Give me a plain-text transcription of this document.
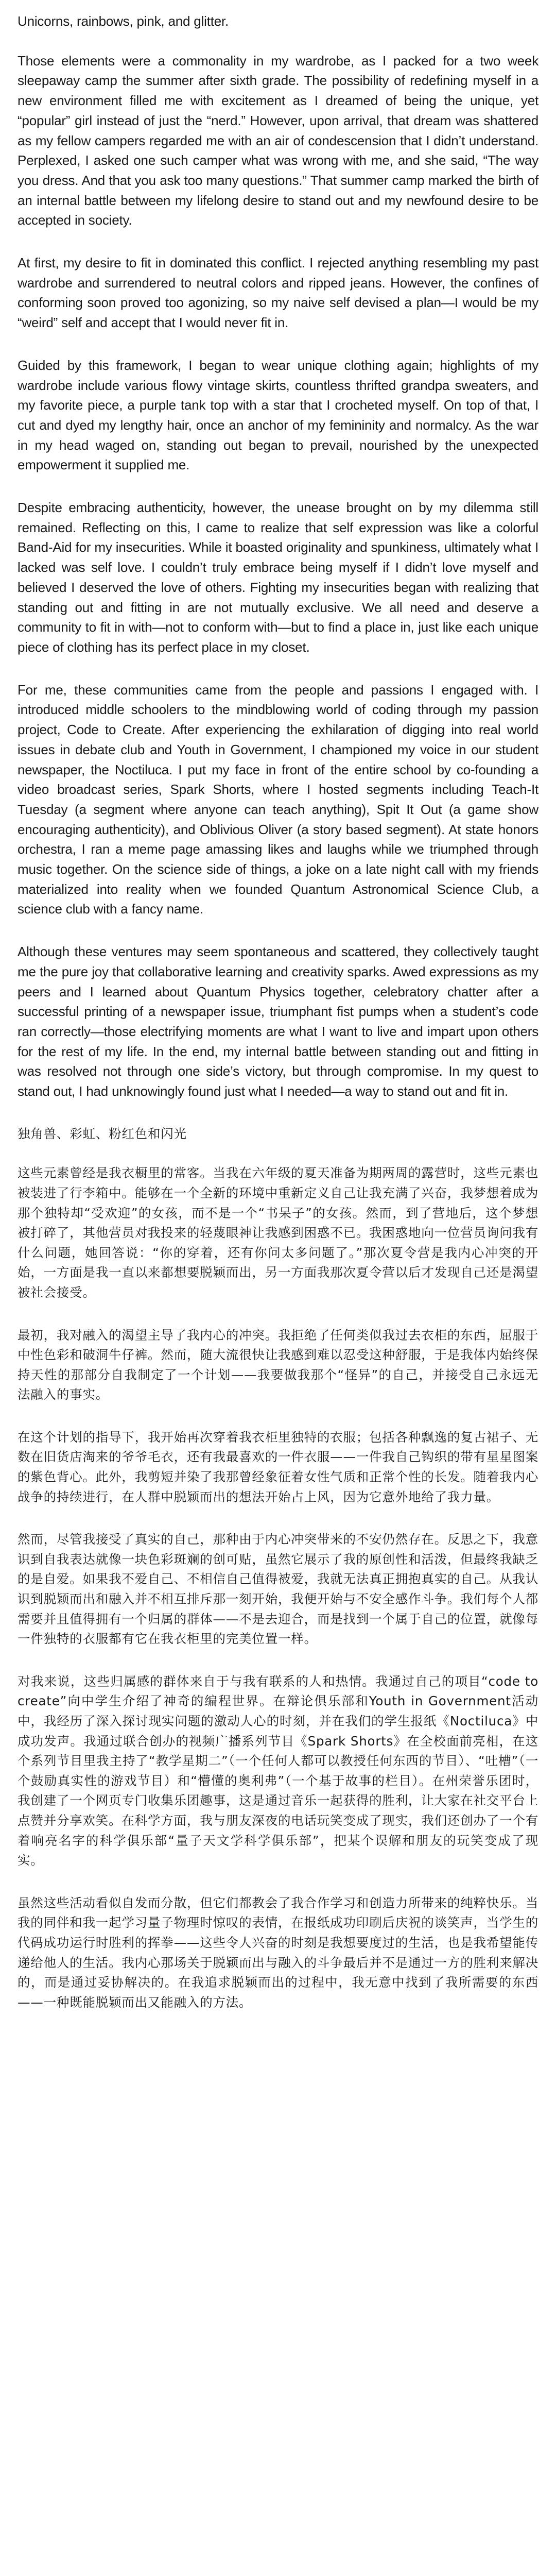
Unicorns, rainbows, pink, and glitter.

Those elements were a commonality in my wardrobe, as I packed for a two week sleepaway camp the summer after sixth grade. The possibility of redefining myself in a new environment filled me with excitement as I dreamed of being the unique, yet “popular” girl instead of just the “nerd.” However, upon arrival, that dream was shattered as my fellow campers regarded me with an air of condescension that I didn’t understand. Perplexed, I asked one such camper what was wrong with me, and she said, “The way you dress. And that you ask too many questions.” That summer camp marked the birth of an internal battle between my lifelong desire to stand out and my newfound desire to be accepted in society.

At first, my desire to fit in dominated this conflict. I rejected anything resembling my past wardrobe and surrendered to neutral colors and ripped jeans. However, the confines of conforming soon proved too agonizing, so my naive self devised a plan—I would be my “weird” self and accept that I would never fit in.

Guided by this framework, I began to wear unique clothing again; highlights of my wardrobe include various flowy vintage skirts, countless thrifted grandpa sweaters, and my favorite piece, a purple tank top with a star that I crocheted myself. On top of that, I cut and dyed my lengthy hair, once an anchor of my femininity and normalcy. As the war in my head waged on, standing out began to prevail, nourished by the unexpected empowerment it supplied me.

Despite embracing authenticity, however, the unease brought on by my dilemma still remained. Reflecting on this, I came to realize that self expression was like a colorful Band-Aid for my insecurities. While it boasted originality and spunkiness, ultimately what I lacked was self love. I couldn’t truly embrace being myself if I didn’t love myself and believed I deserved the love of others. Fighting my insecurities began with realizing that standing out and fitting in are not mutually exclusive. We all need and deserve a community to fit in with—not to conform with—but to find a place in, just like each unique piece of clothing has its perfect place in my closet.

For me, these communities came from the people and passions I engaged with. I introduced middle schoolers to the mindblowing world of coding through my passion project, Code to Create. After experiencing the exhilaration of digging into real world issues in debate club and Youth in Government, I championed my voice in our student newspaper, the Noctiluca. I put my face in front of the entire school by co-founding a video broadcast series, Spark Shorts, where I hosted segments including Teach-It Tuesday (a segment where anyone can teach anything), Spit It Out (a game show encouraging authenticity), and Oblivious Oliver (a story based segment). At state honors orchestra, I ran a meme page amassing likes and laughs while we triumphed through music together. On the science side of things, a joke on a late night call with my friends materialized into reality when we founded Quantum Astronomical Science Club, a science club with a fancy name.

Although these ventures may seem spontaneous and scattered, they collectively taught me the pure joy that collaborative learning and creativity sparks. Awed expressions as my peers and I learned about Quantum Physics together, celebratory chatter after a successful printing of a newspaper issue, triumphant fist pumps when a student’s code ran correctly—those electrifying moments are what I want to live and impart upon others for the rest of my life. In the end, my internal battle between standing out and fitting in was resolved not through one side’s victory, but through compromise. In my quest to stand out, I had unknowingly found just what I needed—a way to stand out and fit in.

独角兽、彩虹、粉红色和闪光

这些元素曾经是我衣橱里的常客。当我在六年级的夏天准备为期两周的露营时，这些元素也被装进了行李箱中。能够在一个全新的环境中重新定义自己让我充满了兴奋，我梦想着成为那个独特却“受欢迎”的女孩，而不是一个“书呆子”的女孩。然而，到了营地后，这个梦想被打碎了，其他营员对我投来的轻蔑眼神让我感到困惑不已。我困惑地向一位营员询问我有什么问题，她回答说：“你的穿着，还有你问太多问题了。”那次夏令营是我内心冲突的开始，一方面是我一直以来都想要脱颖而出，另一方面我那次夏令营以后才发现自己还是渴望被社会接受。

最初，我对融入的渴望主导了我内心的冲突。我拒绝了任何类似我过去衣柜的东西，屈服于中性色彩和破洞牛仔裤。然而，随大流很快让我感到难以忍受这种舒服，于是我体内始终保持天性的那部分自我制定了一个计划——我要做我那个“怪异”的自己，并接受自己永远无法融入的事实。

在这个计划的指导下，我开始再次穿着我衣柜里独特的衣服；包括各种飘逸的复古裙子、无数在旧货店淘来的爷爷毛衣，还有我最喜欢的一件衣服——一件我自己钩织的带有星星图案的紫色背心。此外，我剪短并染了我那曾经象征着女性气质和正常个性的长发。随着我内心战争的持续进行，在人群中脱颖而出的想法开始占上风，因为它意外地给了我力量。

然而，尽管我接受了真实的自己，那种由于内心冲突带来的不安仍然存在。反思之下，我意识到自我表达就像一块色彩斑斓的创可贴，虽然它展示了我的原创性和活泼，但最终我缺乏的是自爱。如果我不爱自己、不相信自己值得被爱，我就无法真正拥抱真实的自己。从我认识到脱颖而出和融入并不相互排斥那一刻开始，我便开始与不安全感作斗争。我们每个人都需要并且值得拥有一个归属的群体——不是去迎合，而是找到一个属于自己的位置，就像每一件独特的衣服都有它在我衣柜里的完美位置一样。

对我来说，这些归属感的群体来自于与我有联系的人和热情。我通过自己的项目“code to create”向中学生介绍了神奇的编程世界。在辩论俱乐部和Youth in Government活动中，我经历了深入探讨现实问题的激动人心的时刻，并在我们的学生报纸《Noctiluca》中成功发声。我通过联合创办的视频广播系列节目《Spark Shorts》在全校面前亮相，在这个系列节目里我主持了“教学星期二”（一个任何人都可以教授任何东西的节目）、“吐槽”（一个鼓励真实性的游戏节目）和“懵懂的奥利弗”（一个基于故事的栏目）。在州荣誉乐团时，我创建了一个网页专门收集乐团趣事，这是通过音乐一起获得的胜利，让大家在社交平台上点赞并分享欢笑。在科学方面，我与朋友深夜的电话玩笑变成了现实，我们还创办了一个有着响亮名字的科学俱乐部“量子天文学科学俱乐部”，把某个误解和朋友的玩笑变成了现实。

虽然这些活动看似自发而分散，但它们都教会了我合作学习和创造力所带来的纯粹快乐。当我的同伴和我一起学习量子物理时惊叹的表情，在报纸成功印刷后庆祝的谈笑声，当学生的代码成功运行时胜利的挥拳——这些令人兴奋的时刻是我想要度过的生活，也是我希望能传递给他人的生活。我内心那场关于脱颖而出与融入的斗争最后并不是通过一方的胜利来解决的，而是通过妥协解决的。在我追求脱颖而出的过程中，我无意中找到了我所需要的东西——一种既能脱颖而出又能融入的方法。
